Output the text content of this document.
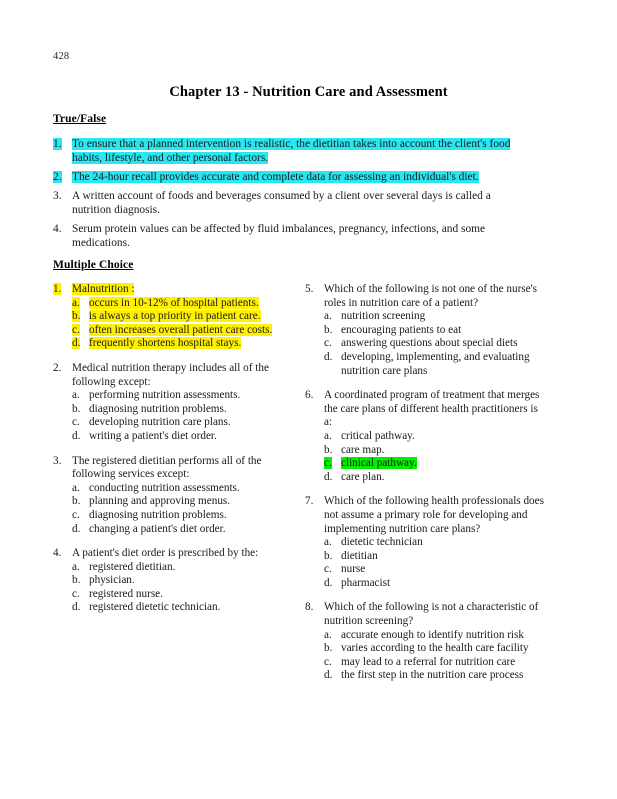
428
Chapter 13 - Nutrition Care and Assessment
True/False
1. To ensure that a planned intervention is realistic, the dietitian takes into account the client's food habits, lifestyle, and other personal factors.
2. The 24-hour recall provides accurate and complete data for assessing an individual's diet.
3. A written account of foods and beverages consumed by a client over several days is called a nutrition diagnosis.
4. Serum protein values can be affected by fluid imbalances, pregnancy, infections, and some medications.
Multiple Choice
1. Malnutrition :
a. occurs in 10-12% of hospital patients.
b. is always a top priority in patient care.
c. often increases overall patient care costs.
d. frequently shortens hospital stays.
2. Medical nutrition therapy includes all of the following except:
a. performing nutrition assessments.
b. diagnosing nutrition problems.
c. developing nutrition care plans.
d. writing a patient's diet order.
3. The registered dietitian performs all of the following services except:
a. conducting nutrition assessments.
b. planning and approving menus.
c. diagnosing nutrition problems.
d. changing a patient's diet order.
4. A patient's diet order is prescribed by the:
a. registered dietitian.
b. physician.
c. registered nurse.
d. registered dietetic technician.
5. Which of the following is not one of the nurse's roles in nutrition care of a patient?
a. nutrition screening
b. encouraging patients to eat
c. answering questions about special diets
d. developing, implementing, and evaluating nutrition care plans
6. A coordinated program of treatment that merges the care plans of different health practitioners is a:
a. critical pathway.
b. care map.
c. clinical pathway.
d. care plan.
7. Which of the following health professionals does not assume a primary role for developing and implementing nutrition care plans?
a. dietetic technician
b. dietitian
c. nurse
d. pharmacist
8. Which of the following is not a characteristic of nutrition screening?
a. accurate enough to identify nutrition risk
b. varies according to the health care facility
c. may lead to a referral for nutrition care
d. the first step in the nutrition care process
